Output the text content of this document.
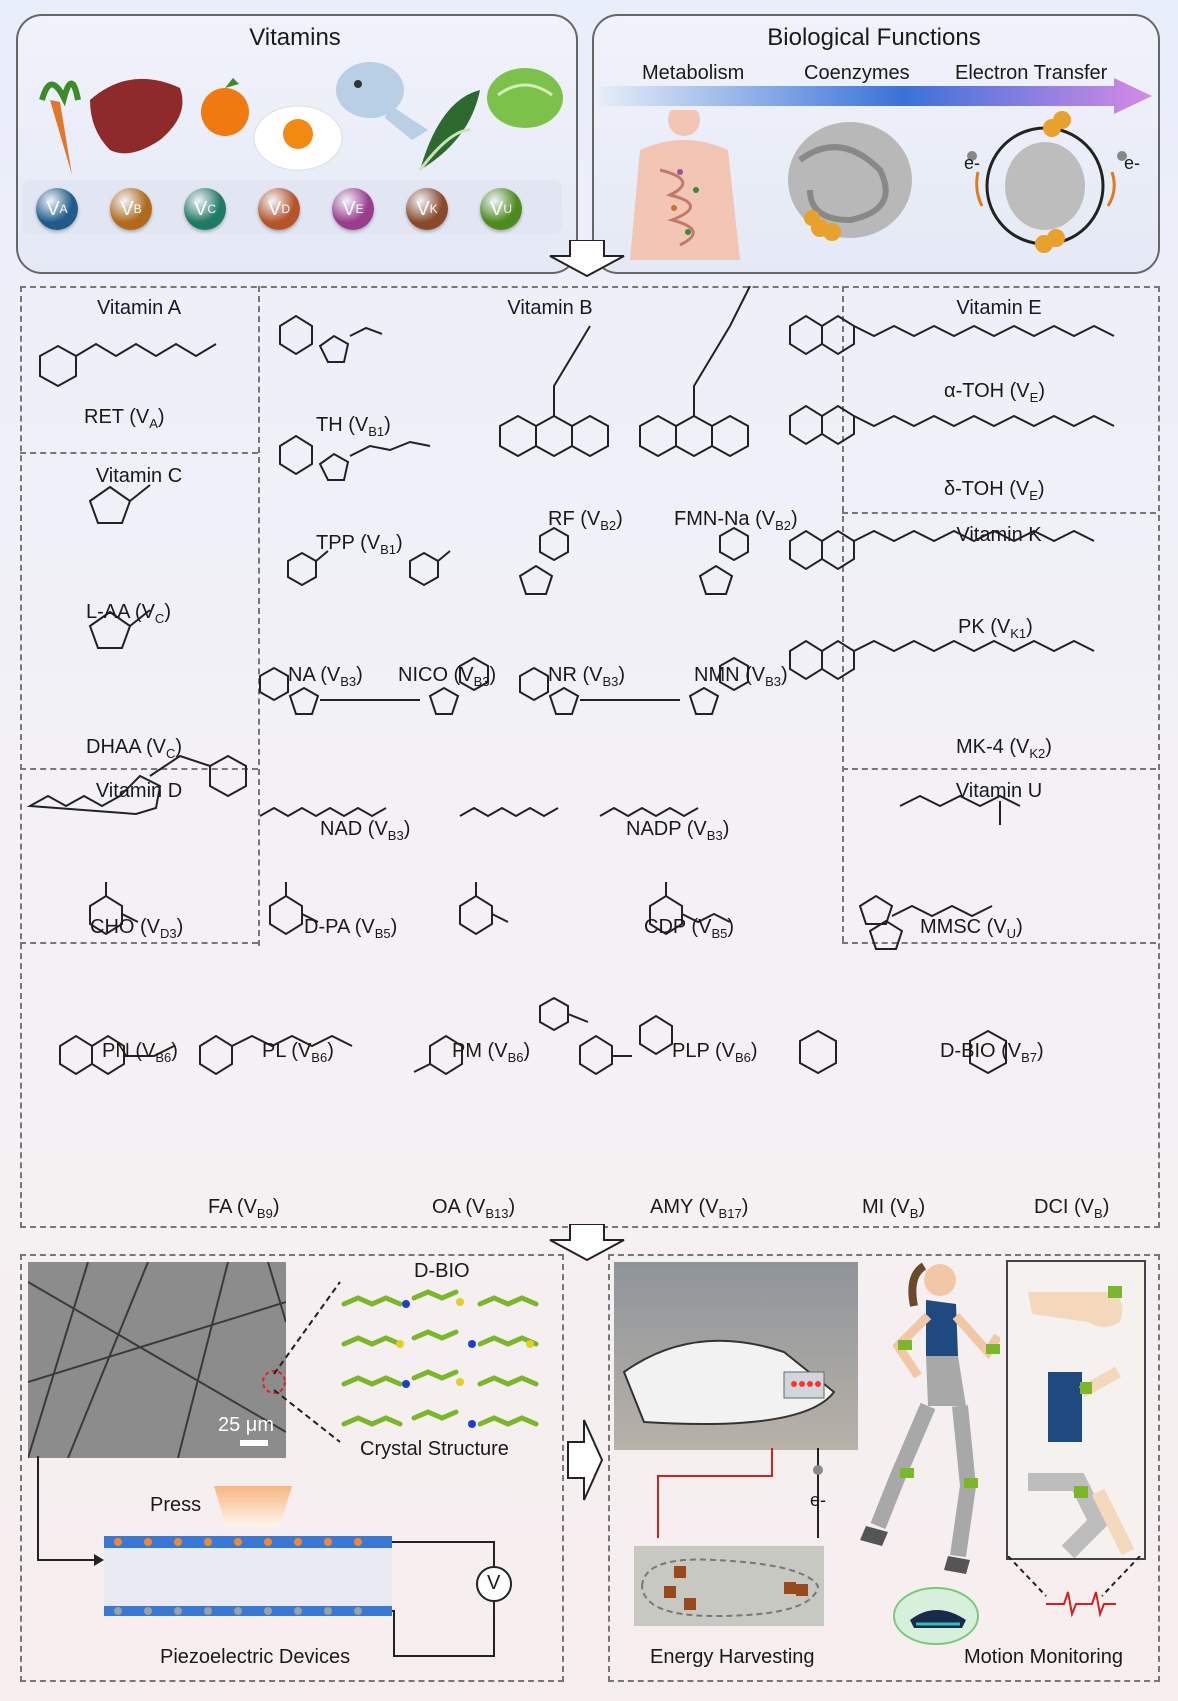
Vitamins
V A	V B	V C	V D	V E	V K	V U
Biological Functions
Metabolism	Coenzymes Electron Transfer
e-	e-
Vitamin A	Vitamin B
Vitamin C
Vitamin D
Vitamin E
Vitamin K
Vitamin U
RET $(V_A)$
L-AA $(V_C)$
DHAA $(V_C)$
CHO $(V_{D3})$
TH $(V_{B1})$
TPP $(V_{B1})$
RF $(V_{B2})$	FMN-Na $(V_{B2})$
NA $(V_{B3})$ NICO $(V_{B3})$	NR $(V_{B3})$	NMN $(V_{B3})$
NAD $(V_{B3})$	NADP $(V_{B3})$
D-PA $(V_{B5})$	CDP $(V_{B5})$
α-TOH $(V_E)$
δ-TOH $(V_E)$
PK $(V_{K1})$
MK-4 $(V_{K2})$
MMSC $(V_U)$
PN $(V_{B6})$	PL $(V_{B6})$	PM $(V_{B6})$	PLP $(V_{B6})$	D-BIO $(V_{B7})$
FA $(V_{B9})$	OA $(V_{B13})$	AMY $(V_{B17})$	MI $(V_B)$	DCI $(V_B)$
25 μm
D-BIO
Crystal Structure
Press
V
Piezoelectric Devices
e-
Energy Harvesting	Motion Monitoring
